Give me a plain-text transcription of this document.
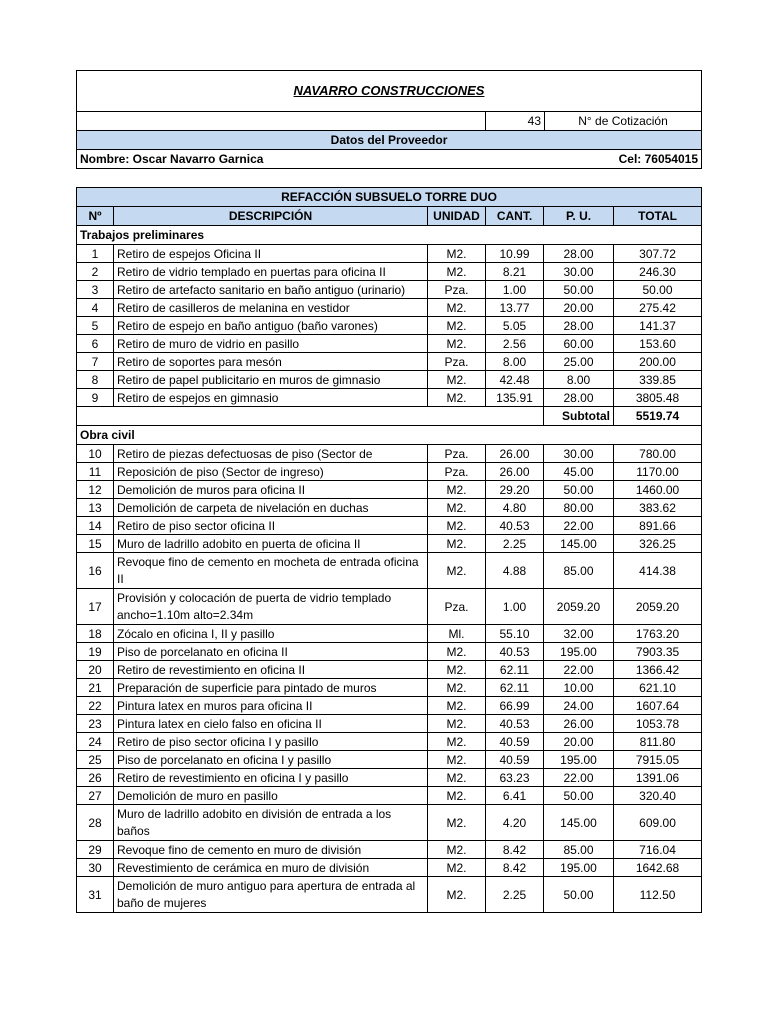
NAVARRO CONSTRUCCIONES		
	43	N° de Cotización
Datos del Proveedor		
Nombre: Oscar Navarro Garnica		Cel: 76054015
REFACCIÓN SUBSUELO TORRE DUO					
Nº	DESCRIPCIÓN	UNIDAD	CANT.	P. U.	TOTAL
Trabajos preliminares					
1	Retiro de espejos Oficina II	M2.	10.99	28.00	307.72
2	Retiro de vidrio templado en puertas para oficina II	M2.	8.21	30.00	246.30
3	Retiro de artefacto sanitario en baño antiguo (urinario)	Pza.	1.00	50.00	50.00
4	Retiro de casilleros de melanina en vestidor	M2.	13.77	20.00	275.42
5	Retiro de espejo en baño antiguo (baño varones)	M2.	5.05	28.00	141.37
6	Retiro de muro de vidrio en pasillo	M2.	2.56	60.00	153.60
7	Retiro de soportes para mesón	Pza.	8.00	25.00	200.00
8	Retiro de papel publicitario en muros de gimnasio	M2.	42.48	8.00	339.85
9	Retiro de espejos en gimnasio	M2.	135.91	28.00	3805.48
				Subtotal	5519.74
Obra civil					
10	Retiro de piezas defectuosas de piso (Sector de	Pza.	26.00	30.00	780.00
11	Reposición de piso (Sector de ingreso)	Pza.	26.00	45.00	1170.00
12	Demolición de muros para oficina II	M2.	29.20	50.00	1460.00
13	Demolición de carpeta de nivelación en duchas	M2.	4.80	80.00	383.62
14	Retiro de piso sector oficina II	M2.	40.53	22.00	891.66
15	Muro de ladrillo adobito en puerta de oficina II	M2.	2.25	145.00	326.25
16	Revoque fino de cemento en mocheta de entrada oficina II	M2.	4.88	85.00	414.38
17	Provisión y colocación de puerta de vidrio templado ancho=1.10m alto=2.34m	Pza.	1.00	2059.20	2059.20
18	Zócalo en oficina I, II y pasillo	Ml.	55.10	32.00	1763.20
19	Piso de porcelanato en oficina II	M2.	40.53	195.00	7903.35
20	Retiro de revestimiento en oficina II	M2.	62.11	22.00	1366.42
21	Preparación de superficie para pintado de muros	M2.	62.11	10.00	621.10
22	Pintura latex en muros para oficina II	M2.	66.99	24.00	1607.64
23	Pintura latex en cielo falso en oficina II	M2.	40.53	26.00	1053.78
24	Retiro de piso sector oficina I y pasillo	M2.	40.59	20.00	811.80
25	Piso de porcelanato en oficina I y pasillo	M2.	40.59	195.00	7915.05
26	Retiro de revestimiento en oficina I y pasillo	M2.	63.23	22.00	1391.06
27	Demolición de muro en pasillo	M2.	6.41	50.00	320.40
28	Muro de ladrillo adobito en división de entrada a los baños	M2.	4.20	145.00	609.00
29	Revoque fino de cemento en muro de división	M2.	8.42	85.00	716.04
30	Revestimiento de cerámica en muro de división	M2.	8.42	195.00	1642.68
31	Demolición de muro antiguo para apertura de entrada al baño de mujeres	M2.	2.25	50.00	112.50
